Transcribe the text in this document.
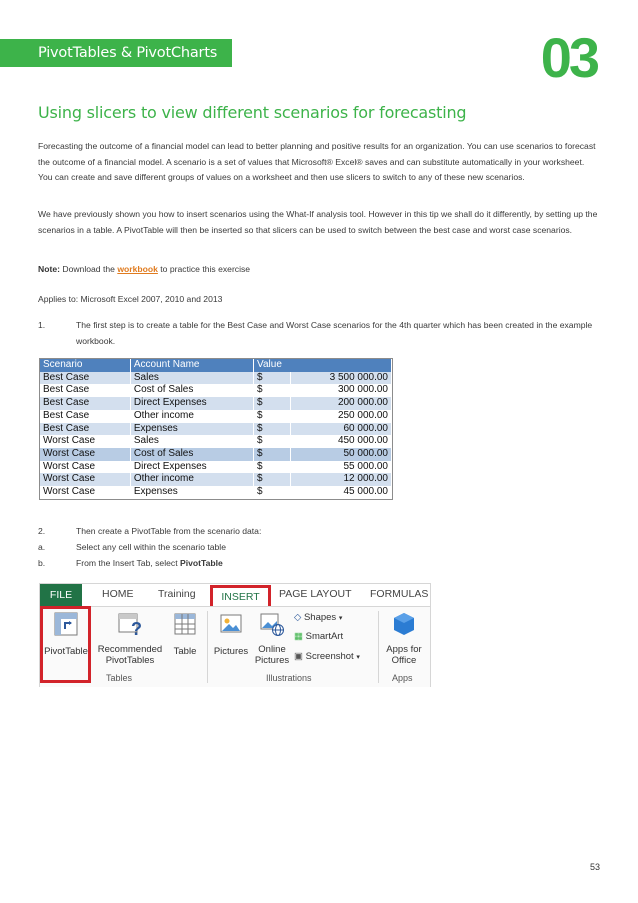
PivotTables & PivotCharts	03
Using slicers to view different scenarios for forecasting
Forecasting the outcome of a financial model can lead to better planning and positive results for an organization. You can use scenarios to forecast the outcome of a financial model. A scenario is a set of values that Microsoft® Excel® saves and can substitute automatically in your worksheet. You can create and save different groups of values on a worksheet and then use slicers to switch to any of these new scenarios.
We have previously shown you how to insert scenarios using the What-If analysis tool. However in this tip we shall do it differently, by setting up the scenarios in a table. A PivotTable will then be inserted so that slicers can be used to switch between the best case and worst case scenarios.
Note: Download the workbook to practice this exercise
Applies to: Microsoft Excel 2007, 2010 and 2013
1.	The first step is to create a table for the Best Case and Worst Case scenarios for the 4th quarter which has been created in the example workbook.
Scenario	Account Name	Value	
Best Case	Sales	$	3 500 000.00
Best Case	Cost of Sales	$	300 000.00
Best Case	Direct Expenses	$	200 000.00
Best Case	Other income	$	250 000.00
Best Case	Expenses	$	60 000.00
Worst Case	Sales	$	450 000.00
Worst Case	Cost of Sales	$	50 000.00
Worst Case	Direct Expenses	$	55 000.00
Worst Case	Other income	$	12 000.00
Worst Case	Expenses	$	45 000.00
2.	Then create a PivotTable from the scenario data:
a.	Select any cell within the scenario table
b.	From the Insert Tab, select PivotTable
FILE	HOME Training	INSERT	PAGE LAYOUT FORMULAS
PivotTable
?
Recommended PivotTables
Table
Tables
Pictures	Online Pictures
◇ Shapes ▾
▦ SmartArt
▣ Screenshot ▾
Illustrations
Apps for Office
Apps
53
